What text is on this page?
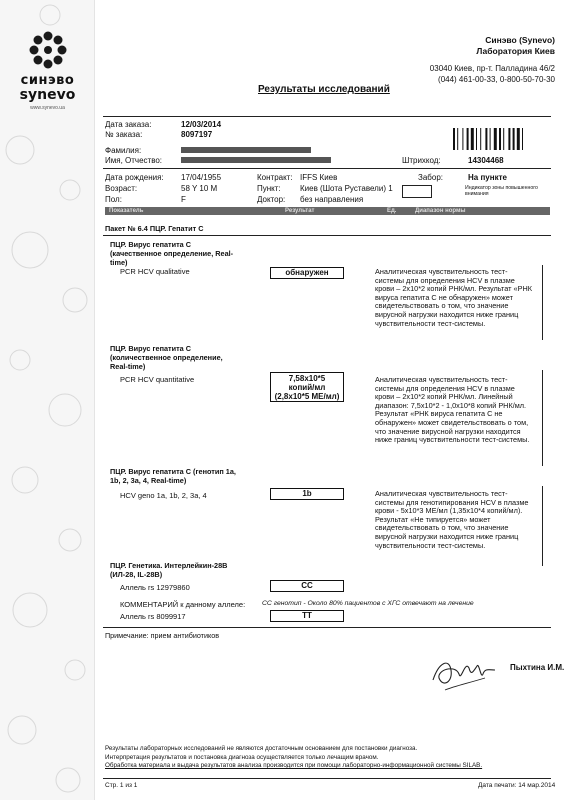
синэво
synevo
www.synevo.ua
Синэво (Synevo)
Лаборатория Киев
03040 Киев, пр-т. Палладина 46/2
(044) 461-00-33, 0-800-50-70-30
Результаты исследований
Дата заказа:	12/03/2014
№ заказа:	8097197
Фамилия:
Имя, Отчество:	Штрихкод:	14304468
Дата рождения: 17/04/1955	Контракт: IFFS Киев	Забор:	На пункте
Возраст:	58 Y 10 M	Пункт: Киев (Шота Руставели) 1	Индикатор зоны повышенного внимания
Пол:	F	Доктор: без направления
Показатель	Результат	Ед.	Диапазон нормы
Пакет № 6.4 ПЦР. Гепатит С
ПЦР. Вирус гепатита С (качественное определение, Real-time)
PCR HCV qualitative	обнаружен	Аналитическая чувствительность тест-системы для определения HCV в плазме крови – 2x10*2 копий РНК/мл. Результат «РНК вируса гепатита С не обнаружен» может свидетельствовать о том, что значение вирусной нагрузки находится ниже границ чувствительности тест-системы.
ПЦР. Вирус гепатита С (количественное определение, Real-time)
PCR HCV quantitative	7,58x10*5
копий/мл
(2,8x10*5 МЕ/мл)
Аналитическая чувствительность тест-системы для определения HCV в плазме крови – 2x10*2 копий РНК/мл. Линейный диапазон: 7,5x10*2 - 1,0x10*8 копий РНК/мл. Результат «РНК вируса гепатита С не обнаружен» может свидетельствовать о том, что значение вирусной нагрузки находится ниже границ чувствительности тест-системы.
ПЦР. Вирус гепатита С (генотип 1а, 1b, 2, 3а, 4, Real-time)
HCV geno 1a, 1b, 2, 3a, 4	1b	Аналитическая чувствительность тест-системы для генотипирования HCV в плазме крови - 5x10*3 МЕ/мл (1,35x10*4 копий/мл). Результат «Не типируется» может свидетельствовать о том, что значение вирусной нагрузки находится ниже границ чувствительности тест-системы.
ПЦР. Генетика. Интерлейкин-28В (ИЛ-28, IL-28B)
Аллель rs 12979860	CC
КОММЕНТАРИЙ к данному аллеле: СС генотип - Около 80% пациентов с ХГС отвечают на лечение
Аллель rs 8099917	TT
Примечание: прием антибиотиков
Пыхтина И.М.
Результаты лабораторных исследований не являются достаточным основанием для постановки диагноза.
Интерпретация результатов и постановка диагноза осуществляется только лечащим врачом.
Обработка материала и выдача результатов анализа производится при помощи лабораторно-информационной системы SILAB.
Стр. 1 из 1	Дата печати: 14 мар.2014
